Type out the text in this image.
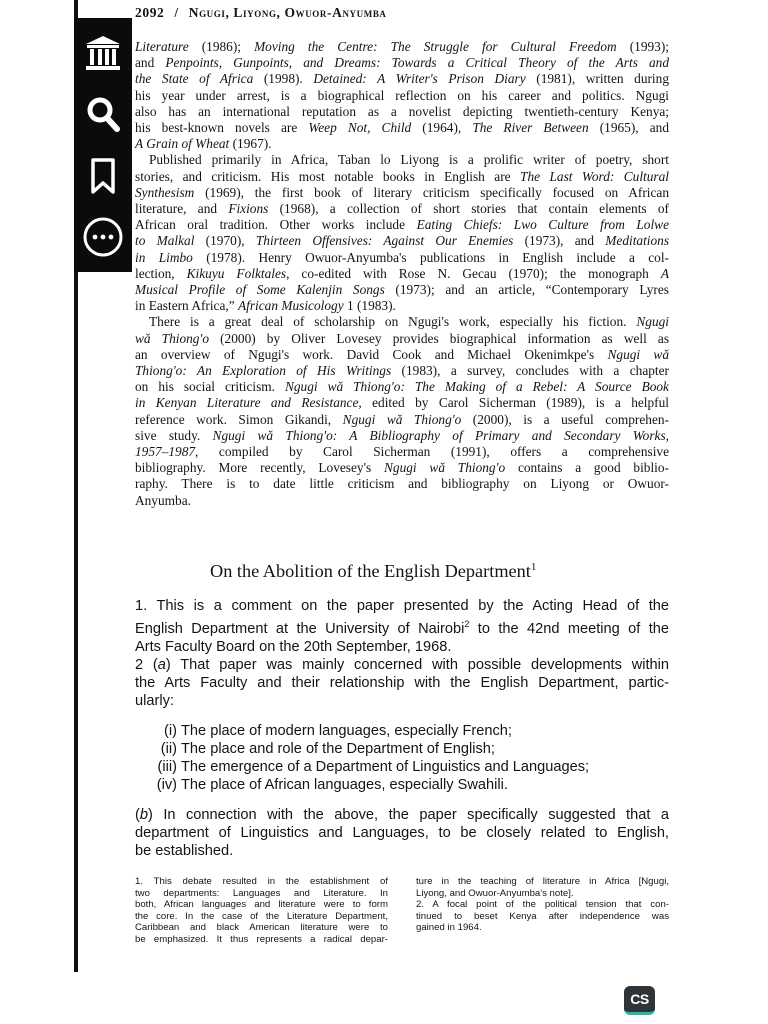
2092 / Ngugi, Liyong, Owuor-Anyumba
Literature (1986); Moving the Centre: The Struggle for Cultural Freedom (1993);
and Penpoints, Gunpoints, and Dreams: Towards a Critical Theory of the Arts and
the State of Africa (1998). Detained: A Writer's Prison Diary (1981), written during
his year under arrest, is a biographical reflection on his career and politics. Ngugi
also has an international reputation as a novelist depicting twentieth-century Kenya;
his best-known novels are Weep Not, Child (1964), The River Between (1965), and
A Grain of Wheat (1967).
Published primarily in Africa, Taban lo Liyong is a prolific writer of poetry, short
stories, and criticism. His most notable books in English are The Last Word: Cultural
Synthesism (1969), the first book of literary criticism specifically focused on African
literature, and Fixions (1968), a collection of short stories that contain elements of
African oral tradition. Other works include Eating Chiefs: Lwo Culture from Lolwe
to Malkal (1970), Thirteen Offensives: Against Our Enemies (1973), and Meditations
in Limbo (1978). Henry Owuor-Anyumba's publications in English include a col-
lection, Kikuyu Folktales, co-edited with Rose N. Gecau (1970); the monograph A
Musical Profile of Some Kalenjin Songs (1973); and an article, “Contemporary Lyres
in Eastern Africa,” African Musicology 1 (1983).
There is a great deal of scholarship on Ngugi's work, especially his fiction. Ngugi
wă Thiong'o (2000) by Oliver Lovesey provides biographical information as well as
an overview of Ngugi's work. David Cook and Michael Okenimkpe's Ngugi wă
Thiong'o: An Exploration of His Writings (1983), a survey, concludes with a chapter
on his social criticism. Ngugi wă Thiong'o: The Making of a Rebel: A Source Book
in Kenyan Literature and Resistance, edited by Carol Sicherman (1989), is a helpful
reference work. Simon Gikandi, Ngugi wă Thiong'o (2000), is a useful comprehen-
sive study. Ngugi wă Thiong'o: A Bibliography of Primary and Secondary Works,
1957–1987, compiled by Carol Sicherman (1991), offers a comprehensive
bibliography. More recently, Lovesey's Ngugi wă Thiong'o contains a good biblio-
raphy. There is to date little criticism and bibliography on Liyong or Owuor-
Anyumba.
On the Abolition of the English Department$^1$
1. This is a comment on the paper presented by the Acting Head of the
English Department at the University of Nairobi$^2$ to the 42nd meeting of the
Arts Faculty Board on the 20th September, 1968.
2 (a) That paper was mainly concerned with possible developments within
the Arts Faculty and their relationship with the English Department, partic-
ularly:
(i) The place of modern languages, especially French;
(ii) The place and role of the Department of English;
(iii) The emergence of a Department of Linguistics and Languages;
(iv) The place of African languages, especially Swahili.
(b) In connection with the above, the paper specifically suggested that a
department of Linguistics and Languages, to be closely related to English,
be established.
1. This debate resulted in the establishment of
two departments: Languages and Literature. In
both, African languages and literature were to form
the core. In the case of the Literature Department,
Caribbean and black American literature were to
be emphasized. It thus represents a radical depar-
ture in the teaching of literature in Africa [Ngugi,
Liyong, and Owuor-Anyumba's note].
2. A focal point of the political tension that con-
tinued to beset Kenya after independence was
gained in 1964.
CS
